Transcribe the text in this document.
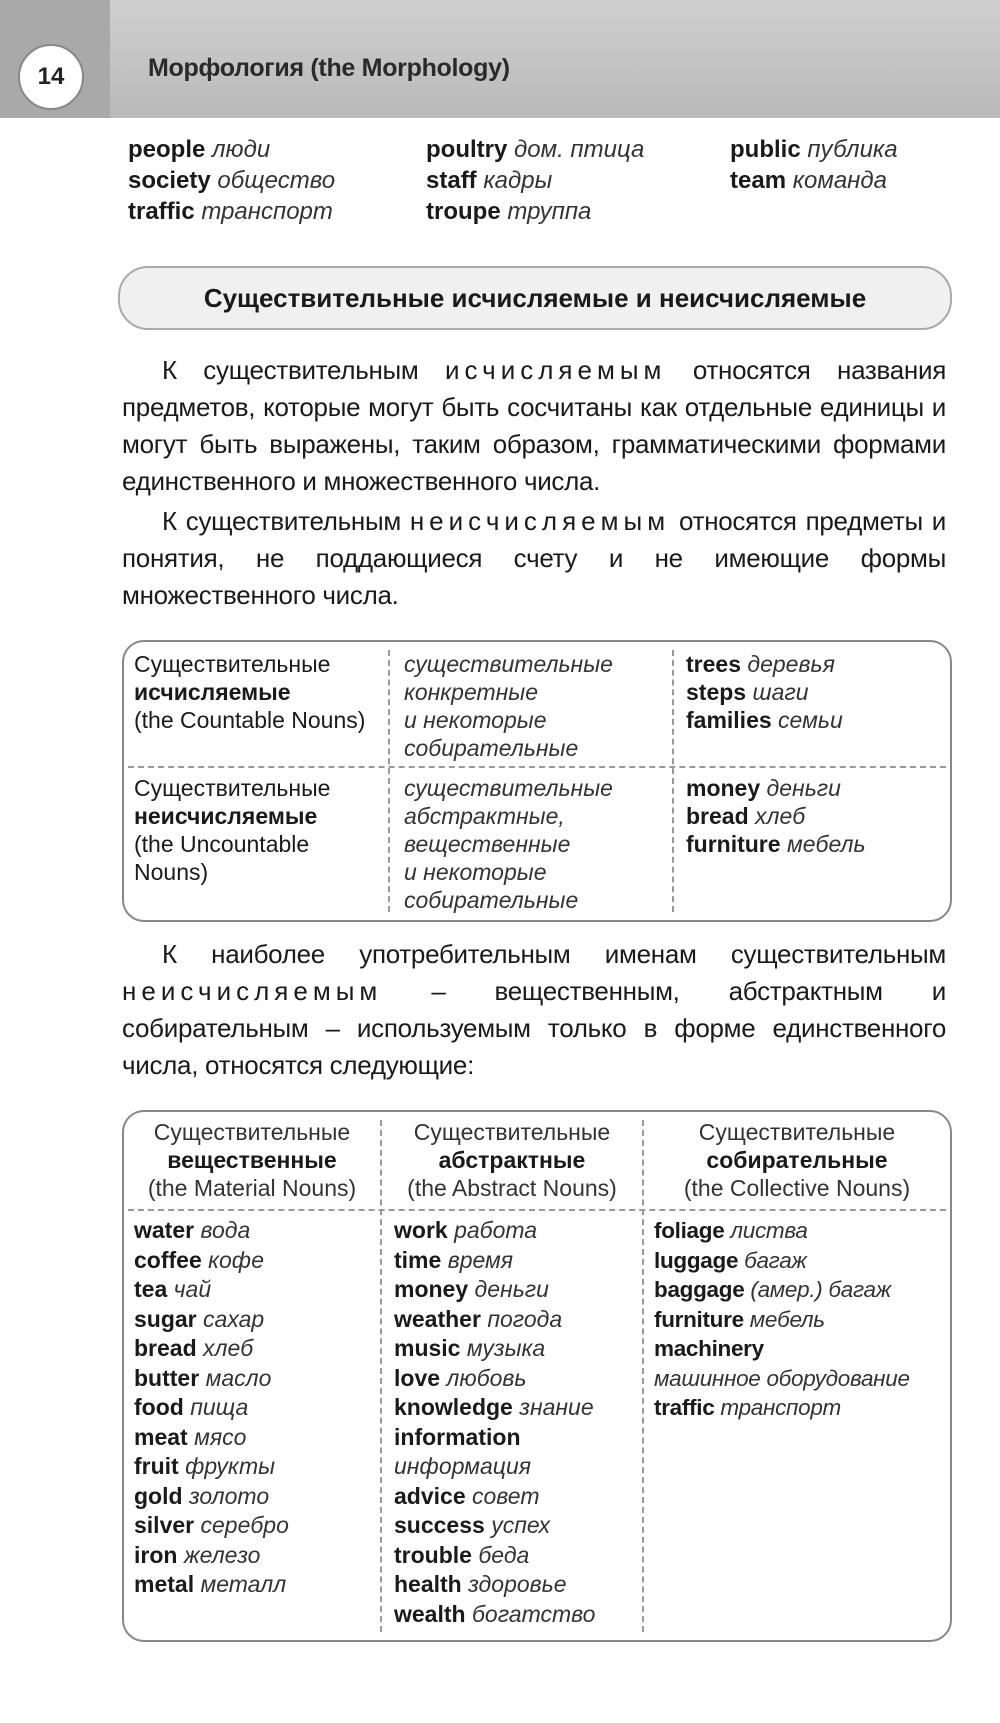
14	Морфология (the Morphology)
people люди
society общество
traffic транспорт
poultry дом. птица
staff кадры
troupe труппа
public публика
team команда
Существительные исчисляемые и неисчисляемые
К существительным исчисляемым относятся названия предметов, которые могут быть сосчитаны как отдельные единицы и могут быть выражены, таким образом, грамматическими формами единственного и множественного числа.
К существительным неисчисляемым относятся предметы и понятия, не поддающиеся счету и не имеющие формы множественного числа.
Существительные
исчисляемые
(the Countable Nouns)
существительные
конкретные
и некоторые
собирательные
trees деревья
steps шаги
families семьи
Существительные
неисчисляемые
(the Uncountable
Nouns)
существительные
абстрактные,
вещественные
и некоторые
собирательные
money деньги
bread хлеб
furniture мебель
К наиболее употребительным именам существительным неисчисляемым – вещественным, абстрактным и собирательным – используемым только в форме единственного числа, относятся следующие:
Существительные
вещественные
(the Material Nouns)
Существительные
абстрактные
(the Abstract Nouns)
Существительные
собирательные
(the Collective Nouns)
water вода
coffee кофе
tea чай
sugar сахар
bread хлеб
butter масло
food пища
meat мясо
fruit фрукты
gold золото
silver серебро
iron железо
metal металл
work работа
time время
money деньги
weather погода
music музыка
love любовь
knowledge знание
information
информация
advice совет
success успех
trouble беда
health здоровье
wealth богатство
foliage листва
luggage багаж
baggage (амер.) багаж
furniture мебель
machinery
машинное оборудование
traffic транспорт
